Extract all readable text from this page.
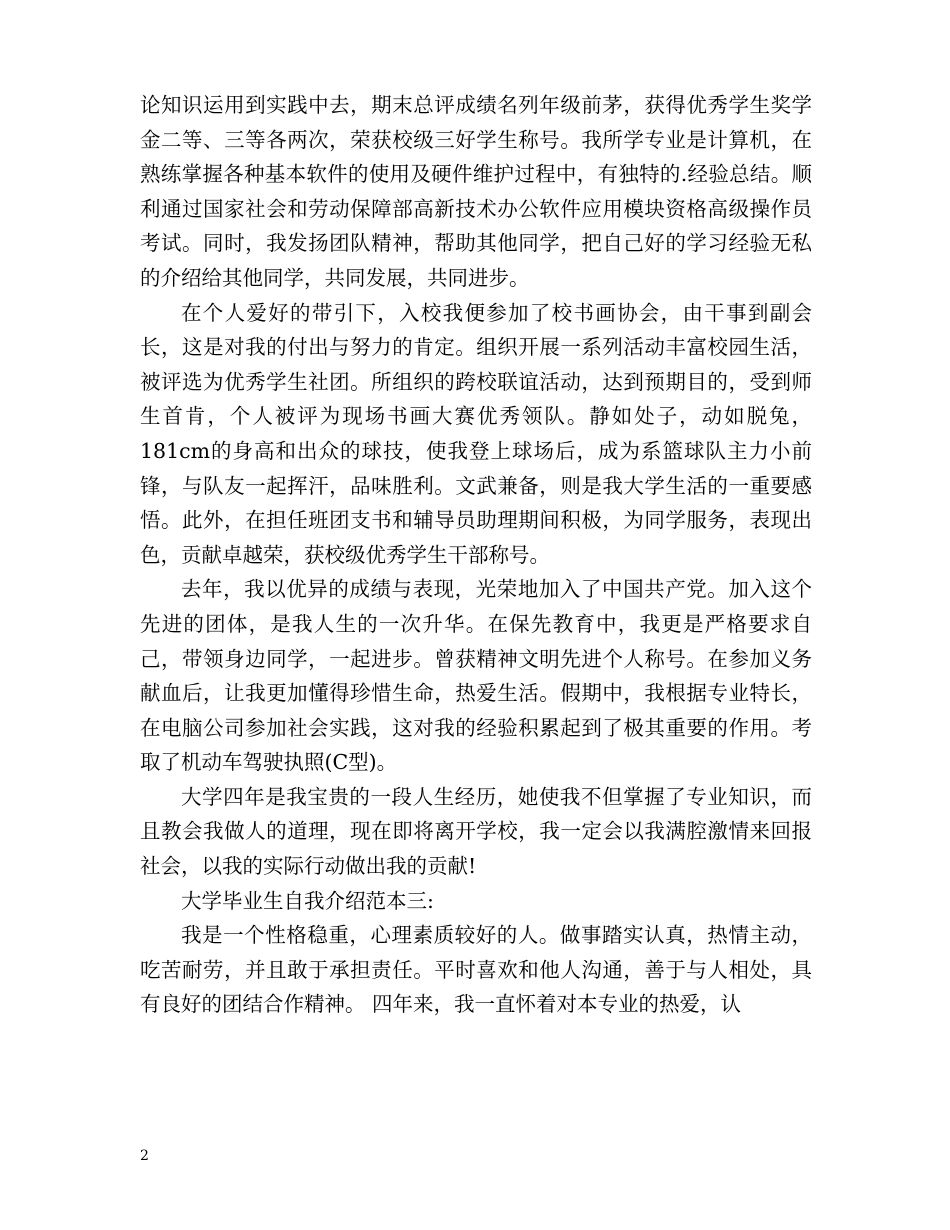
论知识运用到实践中去，期末总评成绩名列年级前茅，获得优秀学生奖学金二等、三等各两次，荣获校级三好学生称号。我所学专业是计算机，在熟练掌握各种基本软件的使用及硬件维护过程中，有独特的.经验总结。顺利通过国家社会和劳动保障部高新技术办公软件应用模块资格高级操作员考试。同时，我发扬团队精神，帮助其他同学，把自己好的学习经验无私的介绍给其他同学，共同发展，共同进步。

在个人爱好的带引下，入校我便参加了校书画协会，由干事到副会长，这是对我的付出与努力的肯定。组织开展一系列活动丰富校园生活，被评选为优秀学生社团。所组织的跨校联谊活动，达到预期目的，受到师生首肯，个人被评为现场书画大赛优秀领队。静如处子，动如脱兔，181cm的身高和出众的球技，使我登上球场后，成为系篮球队主力小前锋，与队友一起挥汗，品味胜利。文武兼备，则是我大学生活的一重要感悟。此外，在担任班团支书和辅导员助理期间积极，为同学服务，表现出色，贡献卓越荣，获校级优秀学生干部称号。

去年，我以优异的成绩与表现，光荣地加入了中国共产党。加入这个先进的团体，是我人生的一次升华。在保先教育中，我更是严格要求自己，带领身边同学，一起进步。曾获精神文明先进个人称号。在参加义务献血后，让我更加懂得珍惜生命，热爱生活。假期中，我根据专业特长，在电脑公司参加社会实践，这对我的经验积累起到了极其重要的作用。考取了机动车驾驶执照(C型)。

大学四年是我宝贵的一段人生经历，她使我不但掌握了专业知识，而且教会我做人的道理，现在即将离开学校，我一定会以我满腔激情来回报社会，以我的实际行动做出我的贡献!

大学毕业生自我介绍范本三:

我是一个性格稳重，心理素质较好的人。做事踏实认真，热情主动，吃苦耐劳，并且敢于承担责任。平时喜欢和他人沟通，善于与人相处，具有良好的团结合作精神。 四年来，我一直怀着对本专业的热爱，认

2
